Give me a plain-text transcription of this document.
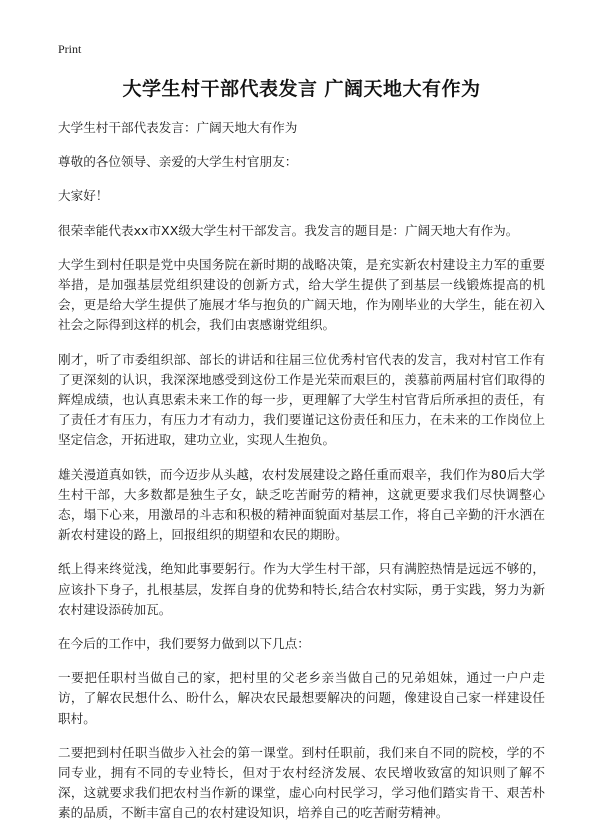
Print
大学生村干部代表发言 广阔天地大有作为

大学生村干部代表发言：广阔天地大有作为

尊敬的各位领导、亲爱的大学生村官朋友：

大家好！

很荣幸能代表xx市XX级大学生村干部发言。我发言的题目是：广阔天地大有作为。

大学生到村任职是党中央国务院在新时期的战略决策，是充实新农村建设主力军的重要举措，是加强基层党组织建设的创新方式，给大学生提供了到基层一线锻炼提高的机会，更是给大学生提供了施展才华与抱负的广阔天地，作为刚毕业的大学生，能在初入社会之际得到这样的机会，我们由衷感谢党组织。

刚才，听了市委组织部、部长的讲话和往届三位优秀村官代表的发言，我对村官工作有了更深刻的认识，我深深地感受到这份工作是光荣而艰巨的，羡慕前两届村官们取得的辉煌成绩，也认真思索未来工作的每一步，更理解了大学生村官背后所承担的责任，有了责任才有压力，有压力才有动力，我们要谨记这份责任和压力，在未来的工作岗位上坚定信念，开拓进取，建功立业，实现人生抱负。

雄关漫道真如铁，而今迈步从头越，农村发展建设之路任重而艰辛，我们作为80后大学生村干部，大多数都是独生子女，缺乏吃苦耐劳的精神，这就更要求我们尽快调整心态，塌下心来，用激昂的斗志和积极的精神面貌面对基层工作，将自己辛勤的汗水洒在新农村建设的路上，回报组织的期望和农民的期盼。

纸上得来终觉浅，绝知此事要躬行。作为大学生村干部，只有满腔热情是远远不够的，应该扑下身子，扎根基层，发挥自身的优势和特长,结合农村实际，勇于实践，努力为新农村建设添砖加瓦。

在今后的工作中，我们要努力做到以下几点：

一要把任职村当做自己的家，把村里的父老乡亲当做自己的兄弟姐妹，通过一户户走访，了解农民想什么、盼什么，解决农民最想要解决的问题，像建设自己家一样建设任职村。

二要把到村任职当做步入社会的第一课堂。到村任职前，我们来自不同的院校，学的不同专业，拥有不同的专业特长，但对于农村经济发展、农民增收致富的知识则了解不深，这就要求我们把农村当作新的课堂，虚心向村民学习，学习他们踏实肯干、艰苦朴素的品质，不断丰富自己的农村建设知识，培养自己的吃苦耐劳精神。
